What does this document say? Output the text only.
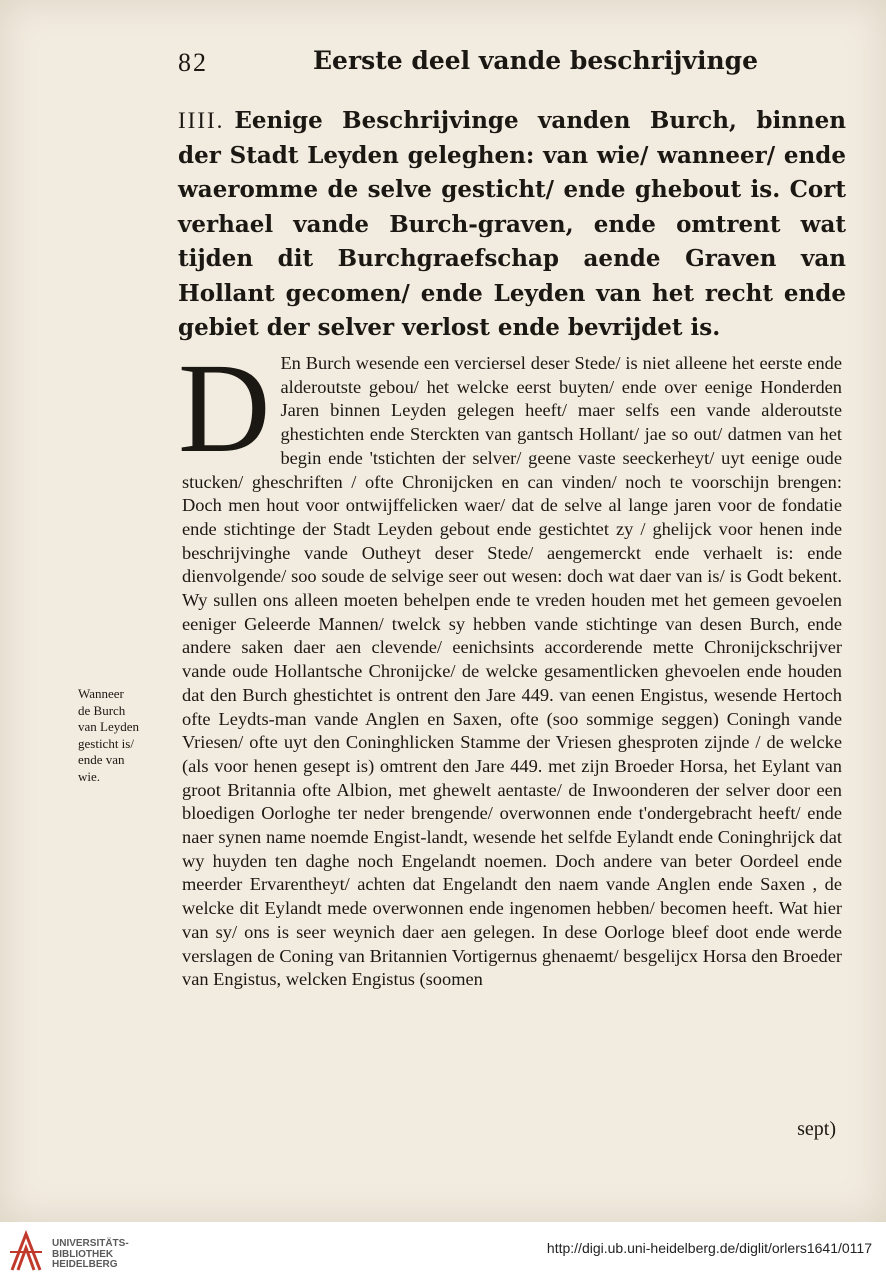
82	Eerste deel vande beschrijvinge
IIII. Eenige Beschrijvinge vanden Burch, binnen der Stadt Leyden geleghen: van wie/ wanneer/ ende waeromme de selve gesticht/ ende ghebout is. Cort verhael vande Burch-graven, ende omtrent wat tijden dit Burchgraefschap aende Graven van Hollant gecomen/ ende Leyden van het recht ende gebiet der selver verlost ende bevrijdet is.
D En Burch wesende een verciersel deser Stede/ is niet alleene het eerste ende alderoutste gebou/ het welcke eerst buyten/ ende over eenige Honderden Jaren binnen Leyden gelegen heeft/ maer selfs een vande alderoutste ghestichten ende Sterckten van gantsch Hollant/ jae so out/ datmen van het begin ende 'tstichten der selver/ geene vaste seeckerheyt/ uyt eenige oude stucken/ gheschriften / ofte Chronijcken en can vinden/ noch te voorschijn brengen: Doch men hout voor ontwijffelicken waer/ dat de selve al lange jaren voor de fondatie ende stichtinge der Stadt Leyden gebout ende gestichtet zy / ghelijck voor henen inde beschrijvinghe vande Outheyt deser Stede/ aengemerckt ende verhaelt is: ende dienvolgende/ soo soude de selvige seer out wesen: doch wat daer van is/ is Godt bekent. Wy sullen ons alleen moeten behelpen ende te vreden houden met het gemeen gevoelen eeniger Geleerde Mannen/ twelck sy hebben vande stichtinge van desen Burch, ende andere saken daer aen clevende/ eenichsints accorderende mette Chronijckschrijver vande oude Hollantsche Chronijcke/ de welcke gesamentlicken ghevoelen ende houden dat den Burch ghestichtet is ontrent den Jare 449. van eenen Engistus, wesende Hertoch ofte Leydts-man vande Anglen en Saxen, ofte (soo sommige seggen) Coningh vande Vriesen/ ofte uyt den Coninghlicken Stamme der Vriesen ghesproten zijnde / de welcke (als voor henen gesept is) omtrent den Jare 449. met zijn Broeder Horsa, het Eylant van groot Britannia ofte Albion, met ghewelt aentaste/ de Inwoonderen der selver door een bloedigen Oorloghe ter neder brengende/ overwonnen ende t'ondergebracht heeft/ ende naer synen name noemde Engist-landt, wesende het selfde Eylandt ende Coninghrijck dat wy huyden ten daghe noch Engelandt noemen. Doch andere van beter Oordeel ende meerder Ervarentheyt/ achten dat Engelandt den naem vande Anglen ende Saxen , de welcke dit Eylandt mede overwonnen ende ingenomen hebben/ becomen heeft. Wat hier van sy/ ons is seer weynich daer aen gelegen. In dese Oorloge bleef doot ende werde verslagen de Coning van Britannien Vortigernus ghenaemt/ besgelijcx Horsa den Broeder van Engistus, welcken Engistus (soomen

Wanneer
de Burch
van Leyden
gesticht is/
ende van
wie.
sept)
UNIVERSITÄTS-
BIBLIOTHEK
HEIDELBERG
http://digi.ub.uni-heidelberg.de/diglit/orlers1641/0117
